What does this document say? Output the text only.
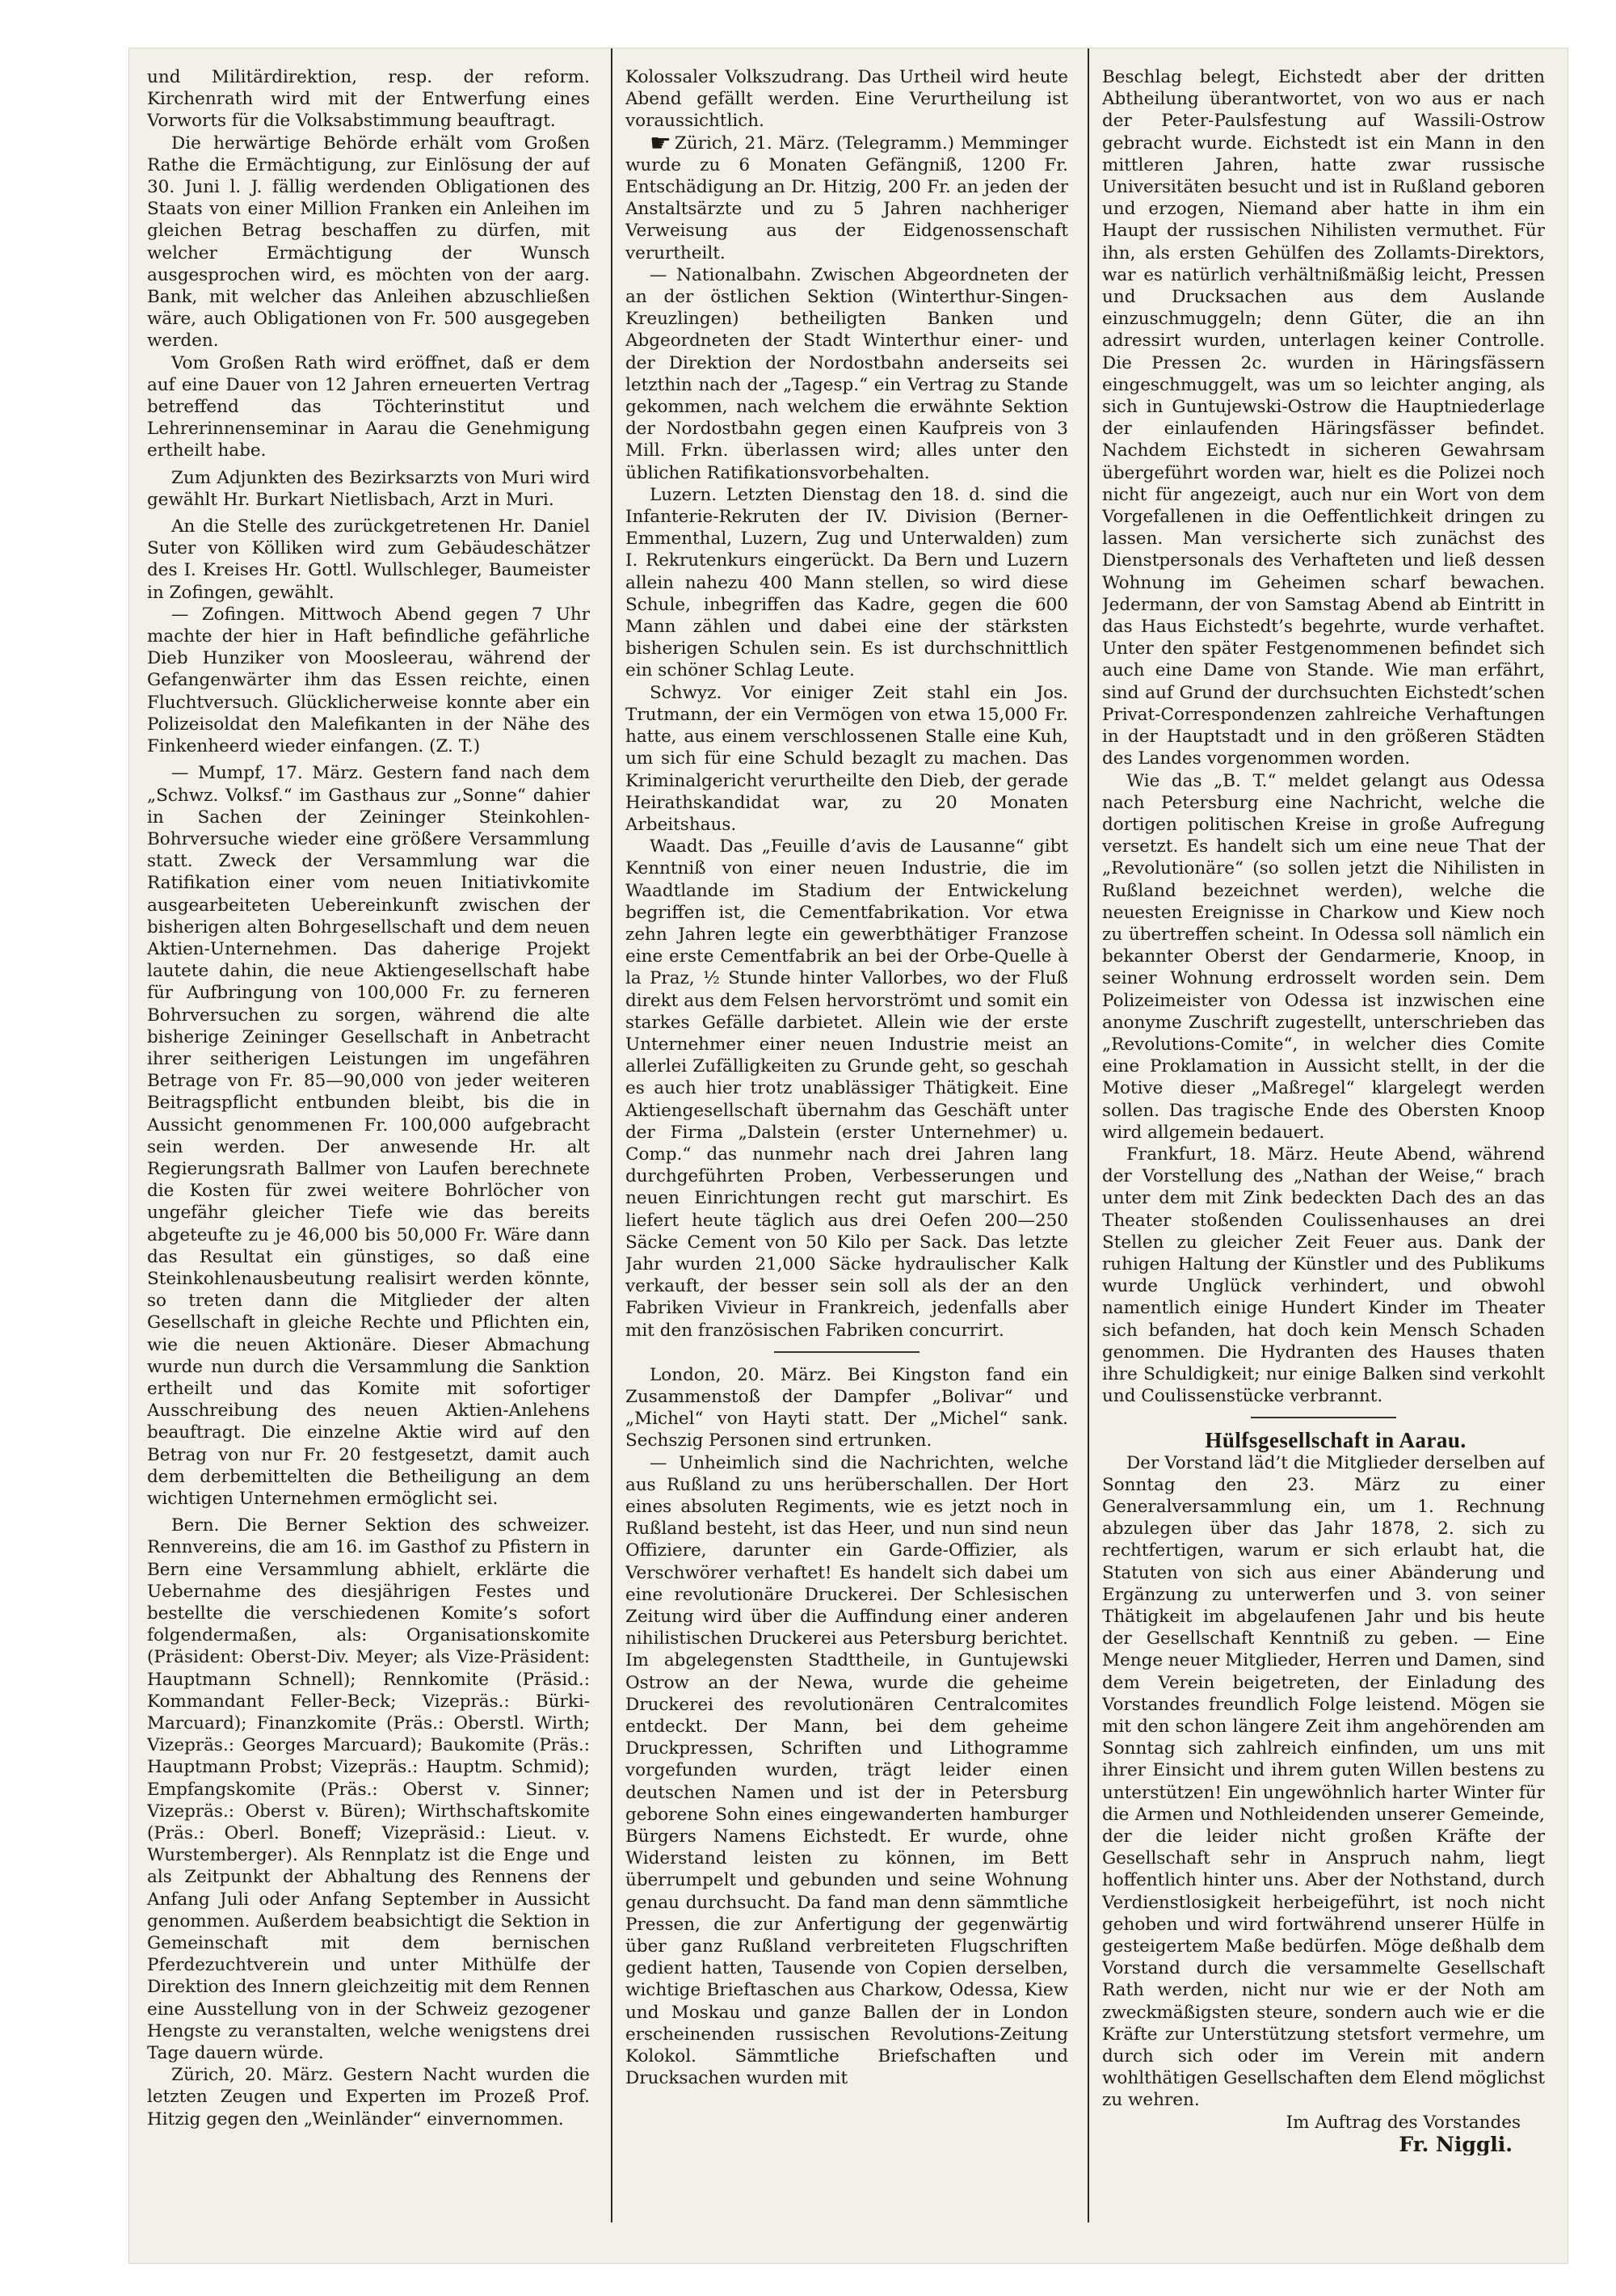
und Militärdirektion, resp. der reform. Kirchenrath wird mit der Entwerfung eines Vorworts für die Volksabstimmung beauftragt.

Die herwärtige Behörde erhält vom Großen Rathe die Ermächtigung, zur Einlösung der auf 30. Juni l. J. fällig werdenden Obligationen des Staats von einer Million Franken ein Anleihen im gleichen Betrag beschaffen zu dürfen, mit welcher Ermächtigung der Wunsch ausgesprochen wird, es möchten von der aarg. Bank, mit welcher das Anleihen abzuschließen wäre, auch Obligationen von Fr. 500 ausgegeben werden.

Vom Großen Rath wird eröffnet, daß er dem auf eine Dauer von 12 Jahren erneuerten Vertrag betreffend das Töchterinstitut und Lehrerinnenseminar in Aarau die Genehmigung ertheilt habe.

Zum Adjunkten des Bezirksarzts von Muri wird gewählt Hr. Burkart Nietlisbach, Arzt in Muri.

An die Stelle des zurückgetretenen Hr. Daniel Suter von Kölliken wird zum Gebäudeschätzer des I. Kreises Hr. Gottl. Wullschleger, Baumeister in Zofingen, gewählt.

— Zofingen. Mittwoch Abend gegen 7 Uhr machte der hier in Haft befindliche gefährliche Dieb Hunziker von Moosleerau, während der Gefangenwärter ihm das Essen reichte, einen Fluchtversuch. Glücklicherweise konnte aber ein Polizeisoldat den Malefikanten in der Nähe des Finkenheerd wieder einfangen. (Z. T.)

— Mumpf, 17. März. Gestern fand nach dem „Schwz. Volksf.“ im Gasthaus zur „Sonne“ dahier in Sachen der Zeininger Steinkohlen-Bohrversuche wieder eine größere Versammlung statt. Zweck der Versammlung war die Ratifikation einer vom neuen Initiativkomite ausgearbeiteten Uebereinkunft zwischen der bisherigen alten Bohrgesellschaft und dem neuen Aktien-Unternehmen. Das daherige Projekt lautete dahin, die neue Aktiengesellschaft habe für Aufbringung von 100,000 Fr. zu ferneren Bohrversuchen zu sorgen, während die alte bisherige Zeininger Gesellschaft in Anbetracht ihrer seitherigen Leistungen im ungefähren Betrage von Fr. 85—90,000 von jeder weiteren Beitragspflicht entbunden bleibt, bis die in Aussicht genommenen Fr. 100,000 aufgebracht sein werden. Der anwesende Hr. alt Regierungsrath Ballmer von Laufen berechnete die Kosten für zwei weitere Bohrlöcher von ungefähr gleicher Tiefe wie das bereits abgeteufte zu je 46,000 bis 50,000 Fr. Wäre dann das Resultat ein günstiges, so daß eine Steinkohlenausbeutung realisirt werden könnte, so treten dann die Mitglieder der alten Gesellschaft in gleiche Rechte und Pflichten ein, wie die neuen Aktionäre. Dieser Abmachung wurde nun durch die Versammlung die Sanktion ertheilt und das Komite mit sofortiger Ausschreibung des neuen Aktien-Anlehens beauftragt. Die einzelne Aktie wird auf den Betrag von nur Fr. 20 festgesetzt, damit auch dem derbemittelten die Betheiligung an dem wichtigen Unternehmen ermöglicht sei.

Bern. Die Berner Sektion des schweizer. Rennvereins, die am 16. im Gasthof zu Pfistern in Bern eine Versammlung abhielt, erklärte die Uebernahme des diesjährigen Festes und bestellte die verschiedenen Komite’s sofort folgendermaßen, als: Organisationskomite (Präsident: Oberst-Div. Meyer; als Vize-Präsident: Hauptmann Schnell); Rennkomite (Präsid.: Kommandant Feller-Beck; Vizepräs.: Bürki-Marcuard); Finanzkomite (Präs.: Oberstl. Wirth; Vizepräs.: Georges Marcuard); Baukomite (Präs.: Hauptmann Probst; Vizepräs.: Hauptm. Schmid); Empfangskomite (Präs.: Oberst v. Sinner; Vizepräs.: Oberst v. Büren); Wirthschaftskomite (Präs.: Oberl. Boneff; Vizepräsid.: Lieut. v. Wurstemberger). Als Rennplatz ist die Enge und als Zeitpunkt der Abhaltung des Rennens der Anfang Juli oder Anfang September in Aussicht genommen. Außerdem beabsichtigt die Sektion in Gemeinschaft mit dem bernischen Pferdezuchtverein und unter Mithülfe der Direktion des Innern gleichzeitig mit dem Rennen eine Ausstellung von in der Schweiz gezogener Hengste zu veranstalten, welche wenigstens drei Tage dauern würde.

Zürich, 20. März. Gestern Nacht wurden die letzten Zeugen und Experten im Prozeß Prof. Hitzig gegen den „Weinländer“ einvernommen.

Kolossaler Volkszudrang. Das Urtheil wird heute Abend gefällt werden. Eine Verurtheilung ist voraussichtlich.

☛ Zürich, 21. März. (Telegramm.) Memminger wurde zu 6 Monaten Gefängniß, 1200 Fr. Entschädigung an Dr. Hitzig, 200 Fr. an jeden der Anstaltsärzte und zu 5 Jahren nachheriger Verweisung aus der Eidgenossenschaft verurtheilt.

— Nationalbahn. Zwischen Abgeordneten der an der östlichen Sektion (Winterthur-Singen-Kreuzlingen) betheiligten Banken und Abgeordneten der Stadt Winterthur einer- und der Direktion der Nordostbahn anderseits sei letzthin nach der „Tagesp.“ ein Vertrag zu Stande gekommen, nach welchem die erwähnte Sektion der Nordostbahn gegen einen Kaufpreis von 3 Mill. Frkn. überlassen wird; alles unter den üblichen Ratifikationsvorbehalten.

Luzern. Letzten Dienstag den 18. d. sind die Infanterie-Rekruten der IV. Division (Berner-Emmenthal, Luzern, Zug und Unterwalden) zum I. Rekrutenkurs eingerückt. Da Bern und Luzern allein nahezu 400 Mann stellen, so wird diese Schule, inbegriffen das Kadre, gegen die 600 Mann zählen und dabei eine der stärksten bisherigen Schulen sein. Es ist durchschnittlich ein schöner Schlag Leute.

Schwyz. Vor einiger Zeit stahl ein Jos. Trutmann, der ein Vermögen von etwa 15,000 Fr. hatte, aus einem verschlossenen Stalle eine Kuh, um sich für eine Schuld bezaglt zu machen. Das Kriminalgericht verurtheilte den Dieb, der gerade Heirathskandidat war, zu 20 Monaten Arbeitshaus.

Waadt. Das „Feuille d’avis de Lausanne“ gibt Kenntniß von einer neuen Industrie, die im Waadtlande im Stadium der Entwickelung begriffen ist, die Cementfabrikation. Vor etwa zehn Jahren legte ein gewerbthätiger Franzose eine erste Cementfabrik an bei der Orbe-Quelle à la Praz, ½ Stunde hinter Vallorbes, wo der Fluß direkt aus dem Felsen hervorströmt und somit ein starkes Gefälle darbietet. Allein wie der erste Unternehmer einer neuen Industrie meist an allerlei Zufälligkeiten zu Grunde geht, so geschah es auch hier trotz unablässiger Thätigkeit. Eine Aktiengesellschaft übernahm das Geschäft unter der Firma „Dalstein (erster Unternehmer) u. Comp.“ das nunmehr nach drei Jahren lang durchgeführten Proben, Verbesserungen und neuen Einrichtungen recht gut marschirt. Es liefert heute täglich aus drei Oefen 200—250 Säcke Cement von 50 Kilo per Sack. Das letzte Jahr wurden 21,000 Säcke hydraulischer Kalk verkauft, der besser sein soll als der an den Fabriken Vivieur in Frankreich, jedenfalls aber mit den französischen Fabriken concurrirt.

London, 20. März. Bei Kingston fand ein Zusammenstoß der Dampfer „Bolivar“ und „Michel“ von Hayti statt. Der „Michel“ sank. Sechszig Personen sind ertrunken.

— Unheimlich sind die Nachrichten, welche aus Rußland zu uns herüberschallen. Der Hort eines absoluten Regiments, wie es jetzt noch in Rußland besteht, ist das Heer, und nun sind neun Offiziere, darunter ein Garde-Offizier, als Verschwörer verhaftet! Es handelt sich dabei um eine revolutionäre Druckerei. Der Schlesischen Zeitung wird über die Auffindung einer anderen nihilistischen Druckerei aus Petersburg berichtet. Im abgelegensten Stadttheile, in Guntujewski Ostrow an der Newa, wurde die geheime Druckerei des revolutionären Centralcomites entdeckt. Der Mann, bei dem geheime Druckpressen, Schriften und Lithogramme vorgefunden wurden, trägt leider einen deutschen Namen und ist der in Petersburg geborene Sohn eines eingewanderten hamburger Bürgers Namens Eichstedt. Er wurde, ohne Widerstand leisten zu können, im Bett überrumpelt und gebunden und seine Wohnung genau durchsucht. Da fand man denn sämmtliche Pressen, die zur Anfertigung der gegenwärtig über ganz Rußland verbreiteten Flugschriften gedient hatten, Tausende von Copien derselben, wichtige Brieftaschen aus Charkow, Odessa, Kiew und Moskau und ganze Ballen der in London erscheinenden russischen Revolutions-Zeitung Kolokol. Sämmtliche Briefschaften und Drucksachen wurden mit

Beschlag belegt, Eichstedt aber der dritten Abtheilung überantwortet, von wo aus er nach der Peter-Paulsfestung auf Wassili-Ostrow gebracht wurde. Eichstedt ist ein Mann in den mittleren Jahren, hatte zwar russische Universitäten besucht und ist in Rußland geboren und erzogen, Niemand aber hatte in ihm ein Haupt der russischen Nihilisten vermuthet. Für ihn, als ersten Gehülfen des Zollamts-Direktors, war es natürlich verhältnißmäßig leicht, Pressen und Drucksachen aus dem Auslande einzuschmuggeln; denn Güter, die an ihn adressirt wurden, unterlagen keiner Controlle. Die Pressen 2c. wurden in Häringsfässern eingeschmuggelt, was um so leichter anging, als sich in Guntujewski-Ostrow die Hauptniederlage der einlaufenden Häringsfässer befindet. Nachdem Eichstedt in sicheren Gewahrsam übergeführt worden war, hielt es die Polizei noch nicht für angezeigt, auch nur ein Wort von dem Vorgefallenen in die Oeffentlichkeit dringen zu lassen. Man versicherte sich zunächst des Dienstpersonals des Verhafteten und ließ dessen Wohnung im Geheimen scharf bewachen. Jedermann, der von Samstag Abend ab Eintritt in das Haus Eichstedt’s begehrte, wurde verhaftet. Unter den später Festgenommenen befindet sich auch eine Dame von Stande. Wie man erfährt, sind auf Grund der durchsuchten Eichstedt’schen Privat-Correspondenzen zahlreiche Verhaftungen in der Hauptstadt und in den größeren Städten des Landes vorgenommen worden.

Wie das „B. T.“ meldet gelangt aus Odessa nach Petersburg eine Nachricht, welche die dortigen politischen Kreise in große Aufregung versetzt. Es handelt sich um eine neue That der „Revolutionäre“ (so sollen jetzt die Nihilisten in Rußland bezeichnet werden), welche die neuesten Ereignisse in Charkow und Kiew noch zu übertreffen scheint. In Odessa soll nämlich ein bekannter Oberst der Gendarmerie, Knoop, in seiner Wohnung erdrosselt worden sein. Dem Polizeimeister von Odessa ist inzwischen eine anonyme Zuschrift zugestellt, unterschrieben das „Revolutions-Comite“, in welcher dies Comite eine Proklamation in Aussicht stellt, in der die Motive dieser „Maßregel“ klargelegt werden sollen. Das tragische Ende des Obersten Knoop wird allgemein bedauert.

Frankfurt, 18. März. Heute Abend, während der Vorstellung des „Nathan der Weise,“ brach unter dem mit Zink bedeckten Dach des an das Theater stoßenden Coulissenhauses an drei Stellen zu gleicher Zeit Feuer aus. Dank der ruhigen Haltung der Künstler und des Publikums wurde Unglück verhindert, und obwohl namentlich einige Hundert Kinder im Theater sich befanden, hat doch kein Mensch Schaden genommen. Die Hydranten des Hauses thaten ihre Schuldigkeit; nur einige Balken sind verkohlt und Coulissenstücke verbrannt.

Hülfsgesellschaft in Aarau.

Der Vorstand läd’t die Mitglieder derselben auf Sonntag den 23. März zu einer Generalversammlung ein, um 1. Rechnung abzulegen über das Jahr 1878, 2. sich zu rechtfertigen, warum er sich erlaubt hat, die Statuten von sich aus einer Abänderung und Ergänzung zu unterwerfen und 3. von seiner Thätigkeit im abgelaufenen Jahr und bis heute der Gesellschaft Kenntniß zu geben. — Eine Menge neuer Mitglieder, Herren und Damen, sind dem Verein beigetreten, der Einladung des Vorstandes freundlich Folge leistend. Mögen sie mit den schon längere Zeit ihm angehörenden am Sonntag sich zahlreich einfinden, um uns mit ihrer Einsicht und ihrem guten Willen bestens zu unterstützen! Ein ungewöhnlich harter Winter für die Armen und Nothleidenden unserer Gemeinde, der die leider nicht großen Kräfte der Gesellschaft sehr in Anspruch nahm, liegt hoffentlich hinter uns. Aber der Nothstand, durch Verdienstlosigkeit herbeigeführt, ist noch nicht gehoben und wird fortwährend unserer Hülfe in gesteigertem Maße bedürfen. Möge deßhalb dem Vorstand durch die versammelte Gesellschaft Rath werden, nicht nur wie er der Noth am zweckmäßigsten steure, sondern auch wie er die Kräfte zur Unterstützung stetsfort vermehre, um durch sich oder im Verein mit andern wohlthätigen Gesellschaften dem Elend möglichst zu wehren.

Im Auftrag des Vorstandes

Fr. Niggli.
